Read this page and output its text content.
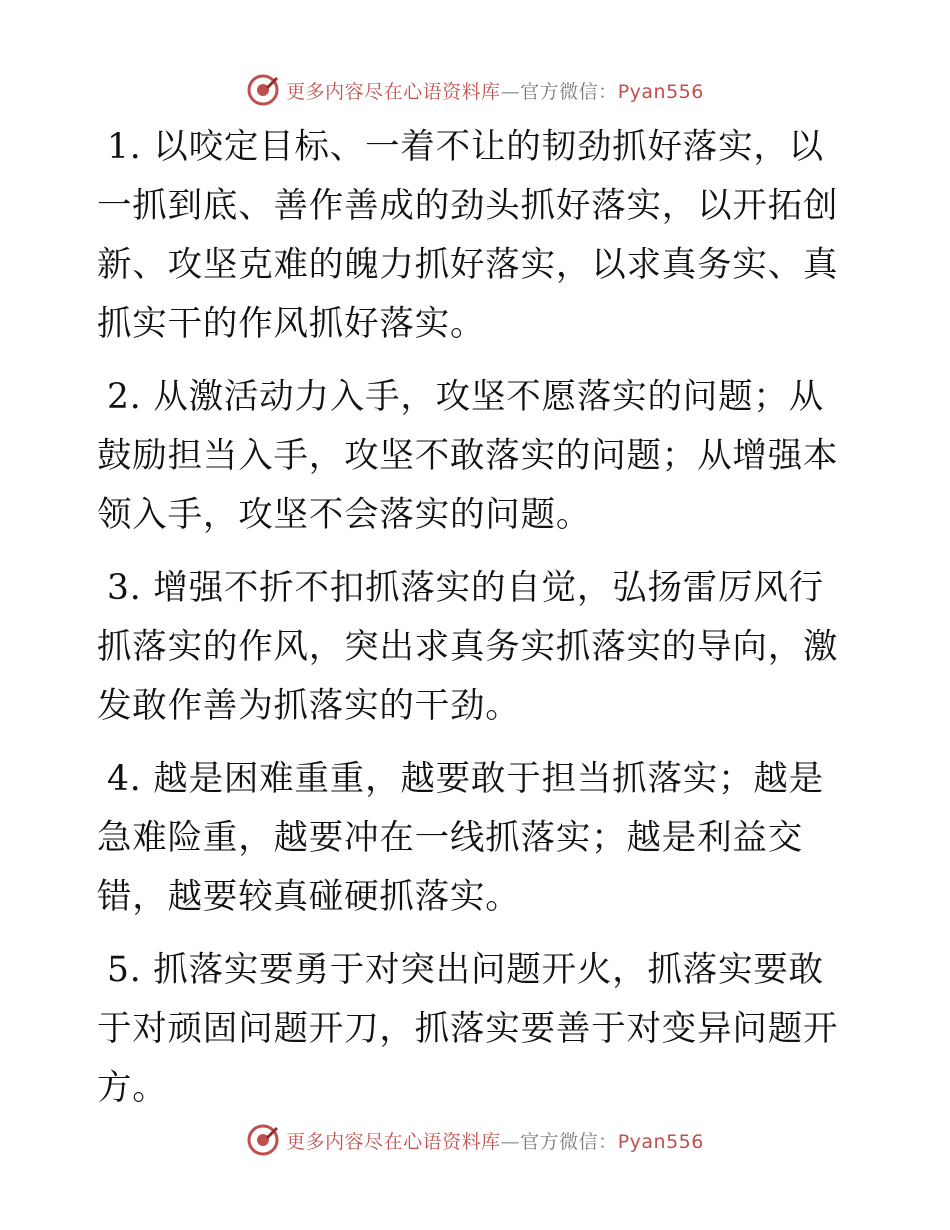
更多内容尽在心语资料库—官方微信：Pyan556

1. 以咬定目标、一着不让的韧劲抓好落实，以一抓到底、善作善成的劲头抓好落实，以开拓创新、攻坚克难的魄力抓好落实，以求真务实、真抓实干的作风抓好落实。

2. 从激活动力入手，攻坚不愿落实的问题；从鼓励担当入手，攻坚不敢落实的问题；从增强本领入手，攻坚不会落实的问题。

3. 增强不折不扣抓落实的自觉，弘扬雷厉风行抓落实的作风，突出求真务实抓落实的导向，激发敢作善为抓落实的干劲。

4. 越是困难重重，越要敢于担当抓落实；越是急难险重，越要冲在一线抓落实；越是利益交错，越要较真碰硬抓落实。

5. 抓落实要勇于对突出问题开火，抓落实要敢于对顽固问题开刀，抓落实要善于对变异问题开方。

更多内容尽在心语资料库—官方微信：Pyan556
